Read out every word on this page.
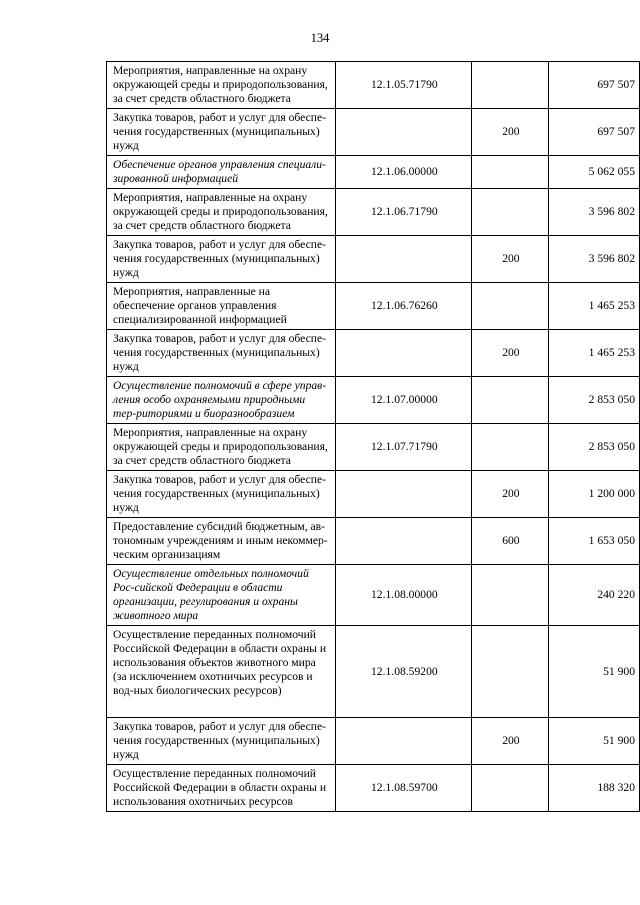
134
Мероприятия, направленные на охрану окружающей среды и природопользования, за счет средств областного бюджета	12.1.05.71790		697 507
Закупка товаров, работ и услуг для обеспе-чения государственных (муниципальных) нужд		200	697 507
Обеспечение органов управления специали-зированной информацией	12.1.06.00000		5 062 055
Мероприятия, направленные на охрану окружающей среды и природопользования, за счет средств областного бюджета	12.1.06.71790		3 596 802
Закупка товаров, работ и услуг для обеспе-чения государственных (муниципальных) нужд		200	3 596 802
Мероприятия, направленные на обеспечение органов управления специализированной информацией	12.1.06.76260		1 465 253
Закупка товаров, работ и услуг для обеспе-чения государственных (муниципальных) нужд		200	1 465 253
Осуществление полномочий в сфере управ-ления особо охраняемыми природными тер-риториями и биоразнообразием	12.1.07.00000		2 853 050
Мероприятия, направленные на охрану окружающей среды и природопользования, за счет средств областного бюджета	12.1.07.71790		2 853 050
Закупка товаров, работ и услуг для обеспе-чения государственных (муниципальных) нужд		200	1 200 000
Предоставление субсидий бюджетным, ав-тономным учреждениям и иным некоммер-ческим организациям		600	1 653 050
Осуществление отдельных полномочий Рос-сийской Федерации в области организации, регулирования и охраны животного мира	12.1.08.00000		240 220
Осуществление переданных полномочий Российской Федерации в области охраны и использования объектов животного мира (за исключением охотничьих ресурсов и вод-ных биологических ресурсов)	12.1.08.59200		51 900
Закупка товаров, работ и услуг для обеспе-чения государственных (муниципальных) нужд		200	51 900
Осуществление переданных полномочий Российской Федерации в области охраны и использования охотничьих ресурсов	12.1.08.59700		188 320
